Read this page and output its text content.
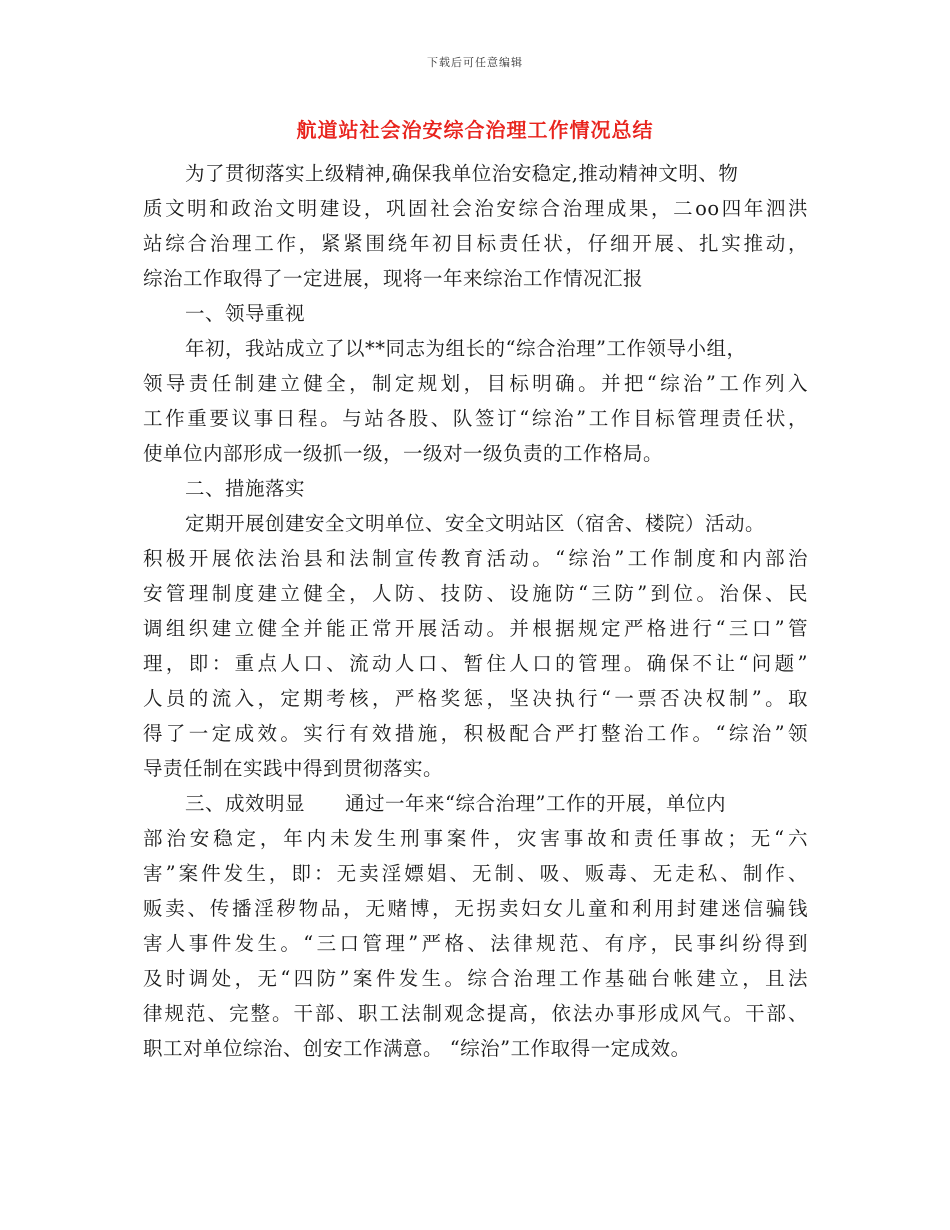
下载后可任意编辑
航道站社会治安综合治理工作情况总结
为了贯彻落实上级精神,确保我单位治安稳定,推动精神文明、物
质文明和政治文明建设，巩固社会治安综合治理成果，二oo四年泗洪
站综合治理工作，紧紧围绕年初目标责任状，仔细开展、扎实推动，
综治工作取得了一定进展，现将一年来综治工作情况汇报
一、领导重视
年初，我站成立了以**同志为组长的“综合治理”工作领导小组，
领导责任制建立健全，制定规划，目标明确。并把“综治”工作列入
工作重要议事日程。与站各股、队签订“综治”工作目标管理责任状，
使单位内部形成一级抓一级，一级对一级负责的工作格局。
二、措施落实
定期开展创建安全文明单位、安全文明站区（宿舍、楼院）活动。
积极开展依法治县和法制宣传教育活动。“综治”工作制度和内部治
安管理制度建立健全，人防、技防、设施防“三防”到位。治保、民
调组织建立健全并能正常开展活动。并根据规定严格进行“三口”管
理，即：重点人口、流动人口、暂住人口的管理。确保不让“问题”
人员的流入，定期考核，严格奖惩，坚决执行“一票否决权制”。取
得了一定成效。实行有效措施，积极配合严打整治工作。“综治”领
导责任制在实践中得到贯彻落实。
三、成效明显 通过一年来“综合治理”工作的开展，单位内
部治安稳定，年内未发生刑事案件，灾害事故和责任事故；无“六
害”案件发生，即：无卖淫嫖娼、无制、吸、贩毒、无走私、制作、
贩卖、传播淫秽物品，无赌博，无拐卖妇女儿童和利用封建迷信骗钱
害人事件发生。“三口管理”严格、法律规范、有序，民事纠纷得到
及时调处，无“四防”案件发生。综合治理工作基础台帐建立，且法
律规范、完整。干部、职工法制观念提高，依法办事形成风气。干部、
职工对单位综治、创安工作满意。 “综治”工作取得一定成效。
